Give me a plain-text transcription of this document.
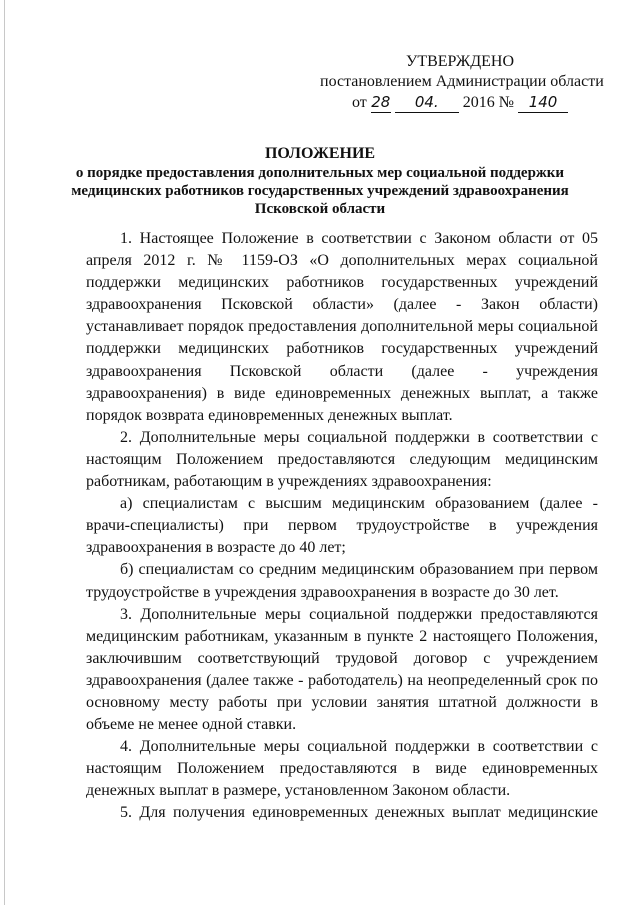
УТВЕРЖДЕНО
постановлением Администрации области
от 28 04. 2016 № 140
ПОЛОЖЕНИЕ
о порядке предоставления дополнительных мер социальной поддержки
медицинских работников государственных учреждений здравоохранения
Псковской области

1. Настоящее Положение в соответствии с Законом области от 05 апреля 2012 г. № 1159-ОЗ «О дополнительных мерах социальной поддержки медицинских работников государственных учреждений здравоохранения Псковской области» (далее - Закон области) устанавливает порядок предоставления дополнительной меры социальной поддержки медицинских работников государственных учреждений здравоохранения Псковской области (далее - учреждения здравоохранения) в виде единовременных денежных выплат, а также порядок возврата единовременных денежных выплат.

2. Дополнительные меры социальной поддержки в соответствии с настоящим Положением предоставляются следующим медицинским работникам, работающим в учреждениях здравоохранения:

а) специалистам с высшим медицинским образованием (далее - врачи-специалисты) при первом трудоустройстве в учреждения здравоохранения в возрасте до 40 лет;

б) специалистам со средним медицинским образованием при первом трудоустройстве в учреждения здравоохранения в возрасте до 30 лет.

3. Дополнительные меры социальной поддержки предоставляются медицинским работникам, указанным в пункте 2 настоящего Положения, заключившим соответствующий трудовой договор с учреждением здравоохранения (далее также - работодатель) на неопределенный срок по основному месту работы при условии занятия штатной должности в объеме не менее одной ставки.

4. Дополнительные меры социальной поддержки в соответствии с настоящим Положением предоставляются в виде единовременных денежных выплат в размере, установленном Законом области.

5. Для получения единовременных денежных выплат медицинские
